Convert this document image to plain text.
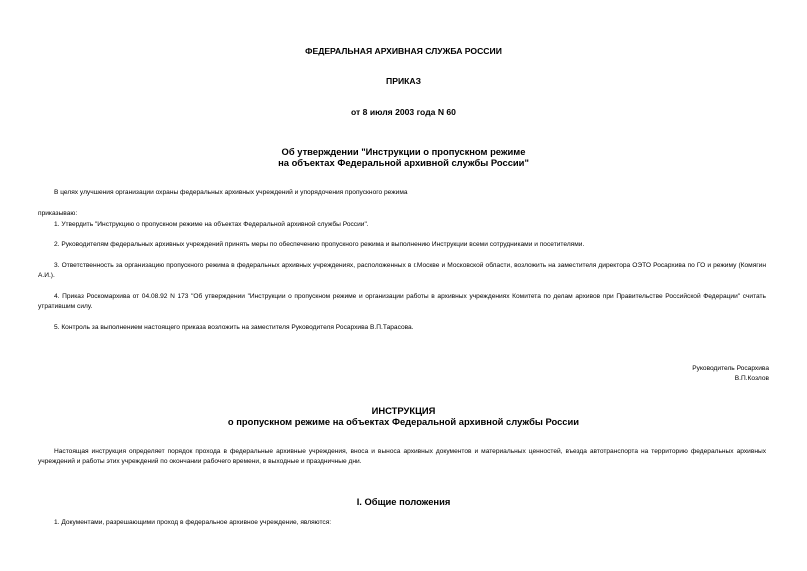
ФЕДЕРАЛЬНАЯ АРХИВНАЯ СЛУЖБА РОССИИ
ПРИКАЗ
от 8 июля 2003 года N 60
Об утверждении "Инструкции о пропускном режиме
на объектах Федеральной архивной службы России"
В целях улучшения организации охраны федеральных архивных учреждений и упорядочения пропускного режима
приказываю:
1. Утвердить "Инструкцию о пропускном режиме на объектах Федеральной архивной службы России".
2. Руководителям федеральных архивных учреждений принять меры по обеспечению пропускного режима и выполнению Инструкции всеми сотрудниками и посетителями.
3. Ответственность за организацию пропускного режима в федеральных архивных учреждениях, расположенных в г.Москве и Московской области, возложить на заместителя директора ОЭТО Росархива по ГО и режиму (Комягин А.И.).
4. Приказ Роскомархива от 04.08.92 N 173 "Об утверждении "Инструкции о пропускном режиме и организации работы в архивных учреждениях Комитета по делам архивов при Правительстве Российской Федерации" считать утратившим силу.
5. Контроль за выполнением настоящего приказа возложить на заместителя Руководителя Росархива В.П.Тарасова.
Руководитель Росархива
В.П.Козлов
ИНСТРУКЦИЯ
о пропускном режиме на объектах Федеральной архивной службы России
Настоящая инструкция определяет порядок прохода в федеральные архивные учреждения, вноса и выноса архивных документов и материальных ценностей, въезда автотранспорта на территорию федеральных архивных учреждений и работы этих учреждений по окончании рабочего времени, в выходные и праздничные дни.
I. Общие положения
1. Документами, разрешающими проход в федеральное архивное учреждение, являются:
